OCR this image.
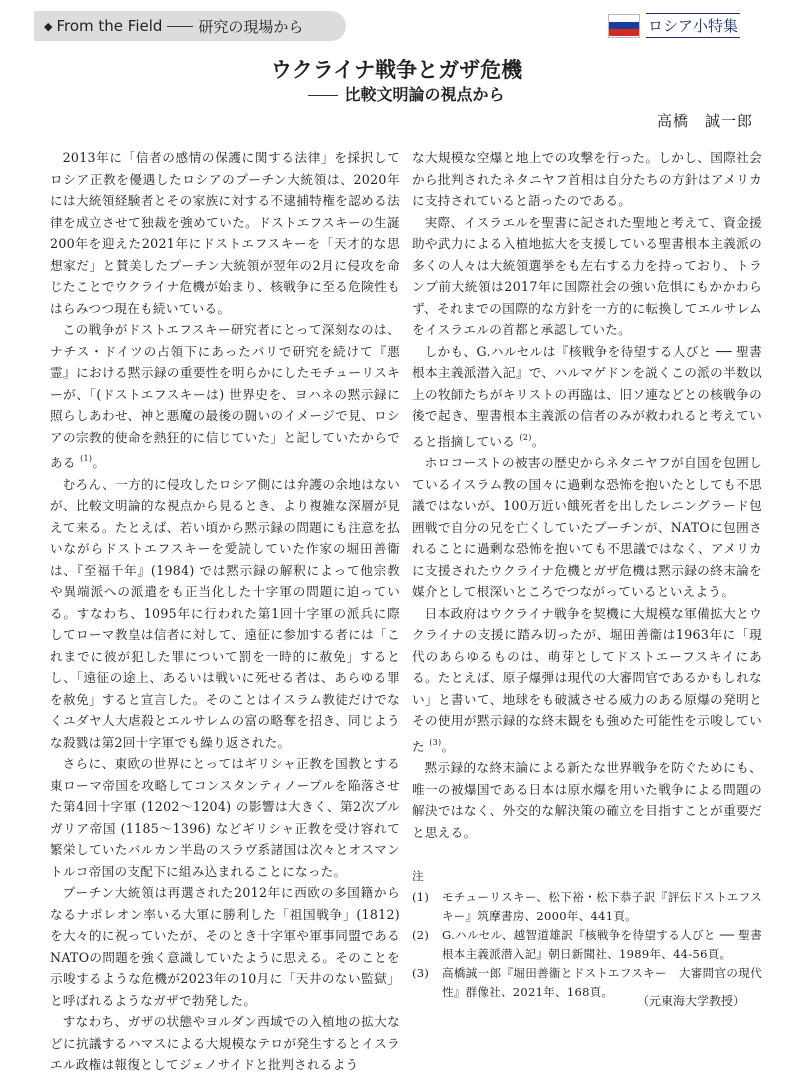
◆ From the Field 研究の現場から	ロシア小特集
ウクライナ戦争とガザ危機
比較文明論の視点から
高橋　誠一郎

2013年に「信者の感情の保護に関する法律」を採択してロシア正教を優遇したロシアのプーチン大統領は、2020年には大統領経験者とその家族に対する不逮捕特権を認める法律を成立させて独裁を強めていた。ドストエフスキーの生誕200年を迎えた2021年にドストエフスキーを「天才的な思想家だ」と賛美したプーチン大統領が翌年の2月に侵攻を命じたことでウクライナ危機が始まり、核戦争に至る危険性もはらみつつ現在も続いている。

この戦争がドストエフスキー研究者にとって深刻なのは、ナチス・ドイツの占領下にあったパリで研究を続けて『悪霊』における黙示録の重要性を明らかにしたモチューリスキーが、「(ドストエフスキーは) 世界史を、ヨハネの黙示録に照らしあわせ、神と悪魔の最後の闘いのイメージで見、ロシアの宗教的使命を熱狂的に信じていた」と記していたからである $^{(1)}$。

むろん、一方的に侵攻したロシア側には弁護の余地はないが、比較文明論的な視点から見るとき、より複雑な深層が見えて来る。たとえば、若い頃から黙示録の問題にも注意を払いながらドストエフスキーを愛読していた作家の堀田善衞は、『至福千年』(1984) では黙示録の解釈によって他宗教や異端派への派遣をも正当化した十字軍の問題に迫っている。すなわち、1095年に行われた第1回十字軍の派兵に際してローマ教皇は信者に対して、遠征に参加する者には「これまでに彼が犯した罪について罰を一時的に赦免」するとし、「遠征の途上、あるいは戦いに死せる者は、あらゆる罪を赦免」すると宣言した。そのことはイスラム教徒だけでなくユダヤ人大虐殺とエルサレムの富の略奪を招き、同じような殺戮は第2回十字軍でも繰り返された。

さらに、東欧の世界にとってはギリシャ正教を国教とする東ローマ帝国を攻略してコンスタンティノープルを陥落させた第4回十字軍 (1202〜1204) の影響は大きく、第2次ブルガリア帝国 (1185〜1396) などギリシャ正教を受け容れて繁栄していたバルカン半島のスラヴ系諸国は次々とオスマントルコ帝国の支配下に組み込まれることになった。

プーチン大統領は再選された2012年に西欧の多国籍からなるナポレオン率いる大軍に勝利した「祖国戦争」(1812) を大々的に祝っていたが、そのとき十字軍や軍事同盟であるNATOの問題を強く意識していたように思える。そのことを示唆するような危機が2023年の10月に「天井のない監獄」と呼ばれるようなガザで勃発した。

すなわち、ガザの状態やヨルダン西域での入植地の拡大などに抗議するハマスによる大規模なテロが発生するとイスラエル政権は報復としてジェノサイドと批判されるよう

な大規模な空爆と地上での攻撃を行った。しかし、国際社会から批判されたネタニヤフ首相は自分たちの方針はアメリカに支持されていると語ったのである。

実際、イスラエルを聖書に記された聖地と考えて、資金援助や武力による入植地拡大を支援している聖書根本主義派の多くの人々は大統領選挙をも左右する力を持っており、トランプ前大統領は2017年に国際社会の強い危惧にもかかわらず、それまでの国際的な方針を一方的に転換してエルサレムをイスラエルの首都と承認していた。

しかも、G.ハルセルは『核戦争を待望する人びと ── 聖書根本主義派潜入記』で、ハルマゲドンを説くこの派の半数以上の牧師たちがキリストの再臨は、旧ソ連などとの核戦争の後で起き、聖書根本主義派の信者のみが救われると考えていると指摘している $^{(2)}$。

ホロコーストの被害の歴史からネタニヤフが自国を包囲しているイスラム教の国々に過剰な恐怖を抱いたとしても不思議ではないが、100万近い餓死者を出したレニングラード包囲戦で自分の兄を亡くしていたプーチンが、NATOに包囲されることに過剰な恐怖を抱いても不思議ではなく、アメリカに支援されたウクライナ危機とガザ危機は黙示録の終末論を媒介として根深いところでつながっているといえよう。

日本政府はウクライナ戦争を契機に大規模な軍備拡大とウクライナの支援に踏み切ったが、堀田善衞は1963年に「現代のあらゆるものは、萌芽としてドストエーフスキイにある。たとえば、原子爆弾は現代の大審問官であるかもしれない」と書いて、地球をも破滅させる威力のある原爆の発明とその使用が黙示録的な終末観をも強めた可能性を示唆していた $^{(3)}$。

黙示録的な終末論による新たな世界戦争を防ぐためにも、唯一の被爆国である日本は原水爆を用いた戦争による問題の解決ではなく、外交的な解決策の確立を目指すことが重要だと思える。

注
(1)	モチューリスキー、松下裕・松下恭子訳『評伝ドストエフスキー』筑摩書房、2000年、441頁。
(2)	G.ハルセル、越智道雄訳『核戦争を待望する人びと ── 聖書根本主義派潜入記』朝日新聞社、1989年、44-56頁。
(3)	高橋誠一郎『堀田善衞とドストエフスキー　大審問官の現代性』群像社、2021年、168頁。
（元東海大学教授）
